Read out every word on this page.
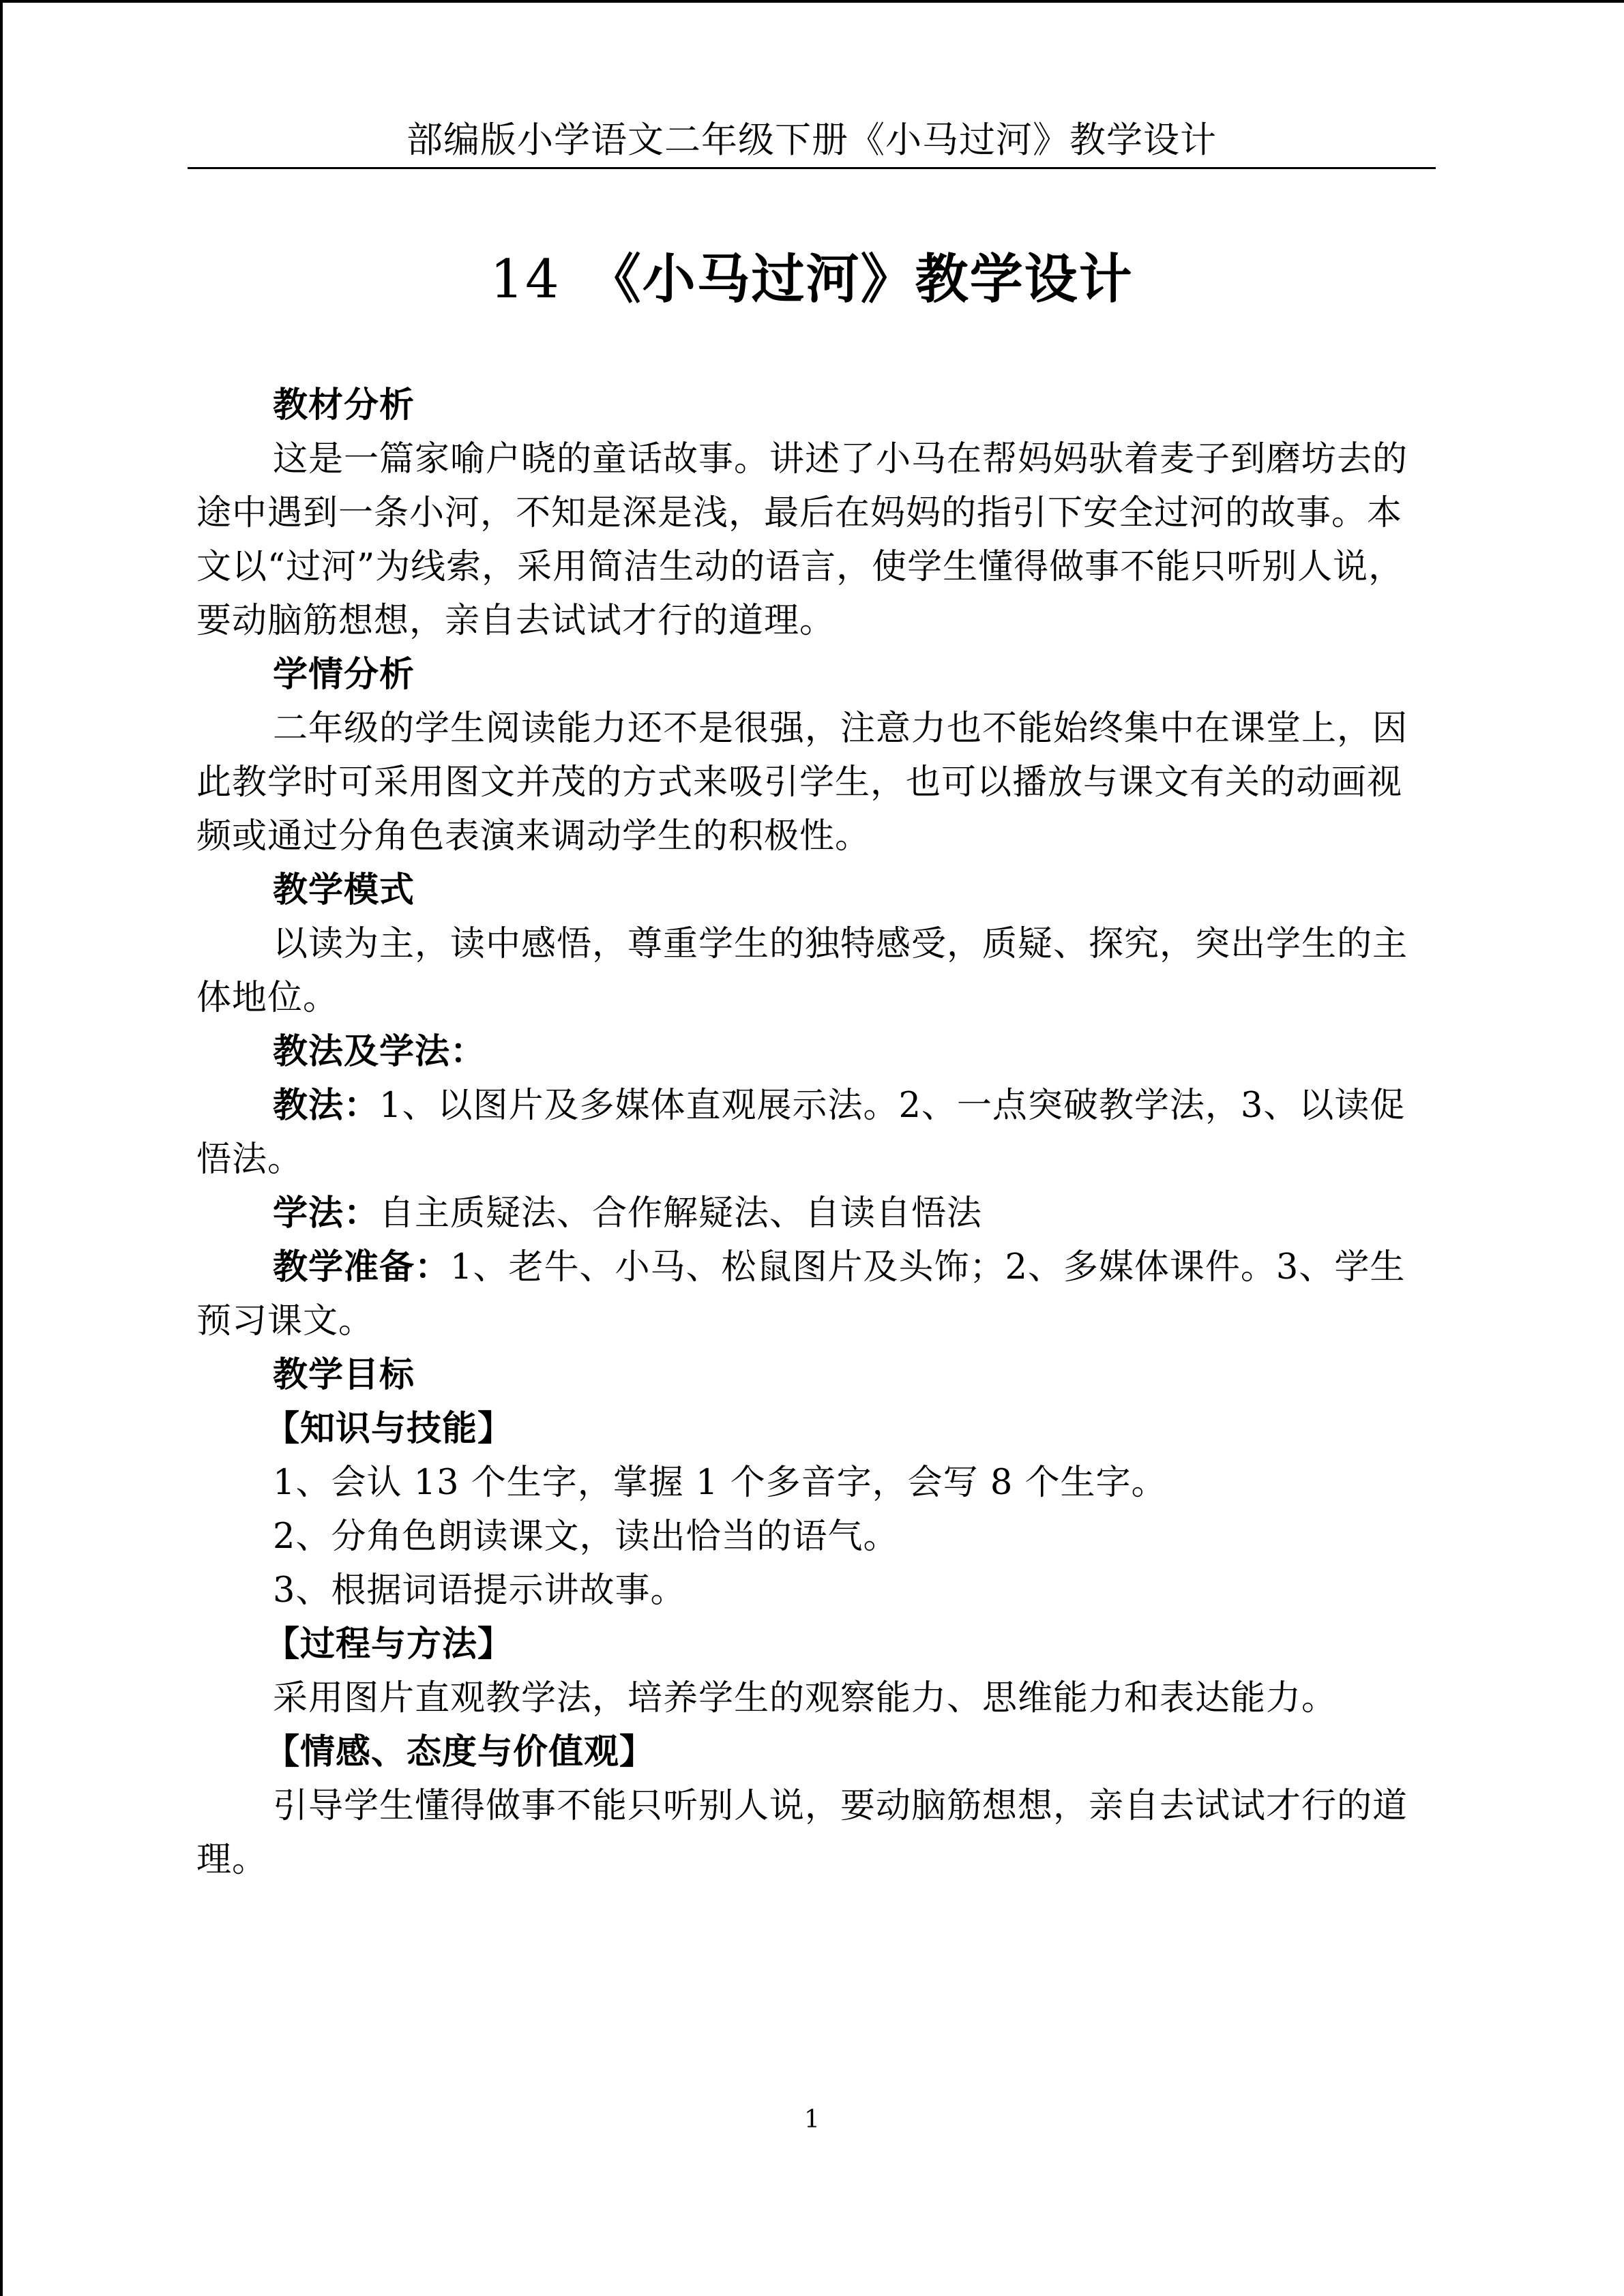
部编版小学语文二年级下册《小马过河》教学设计
14 《小马过河》教学设计

教材分析

这是一篇家喻户晓的童话故事。讲述了小马在帮妈妈驮着麦子到磨坊去的途中遇到一条小河，不知是深是浅，最后在妈妈的指引下安全过河的故事。本文以“过河”为线索，采用简洁生动的语言，使学生懂得做事不能只听别人说，要动脑筋想想，亲自去试试才行的道理。

学情分析

二年级的学生阅读能力还不是很强，注意力也不能始终集中在课堂上，因此教学时可采用图文并茂的方式来吸引学生，也可以播放与课文有关的动画视频或通过分角色表演来调动学生的积极性。

教学模式

以读为主，读中感悟，尊重学生的独特感受，质疑、探究，突出学生的主体地位。

教法及学法：

教法：1、以图片及多媒体直观展示法。2、一点突破教学法，3、以读促悟法。

学法：自主质疑法、合作解疑法、自读自悟法

教学准备：1、老牛、小马、松鼠图片及头饰；2、多媒体课件。3、学生预习课文。

教学目标

【知识与技能】

1、会认 13 个生字，掌握 1 个多音字，会写 8 个生字。

2、分角色朗读课文，读出恰当的语气。

3、根据词语提示讲故事。

【过程与方法】

采用图片直观教学法，培养学生的观察能力、思维能力和表达能力。

【情感、态度与价值观】

引导学生懂得做事不能只听别人说，要动脑筋想想，亲自去试试才行的道理。

1
